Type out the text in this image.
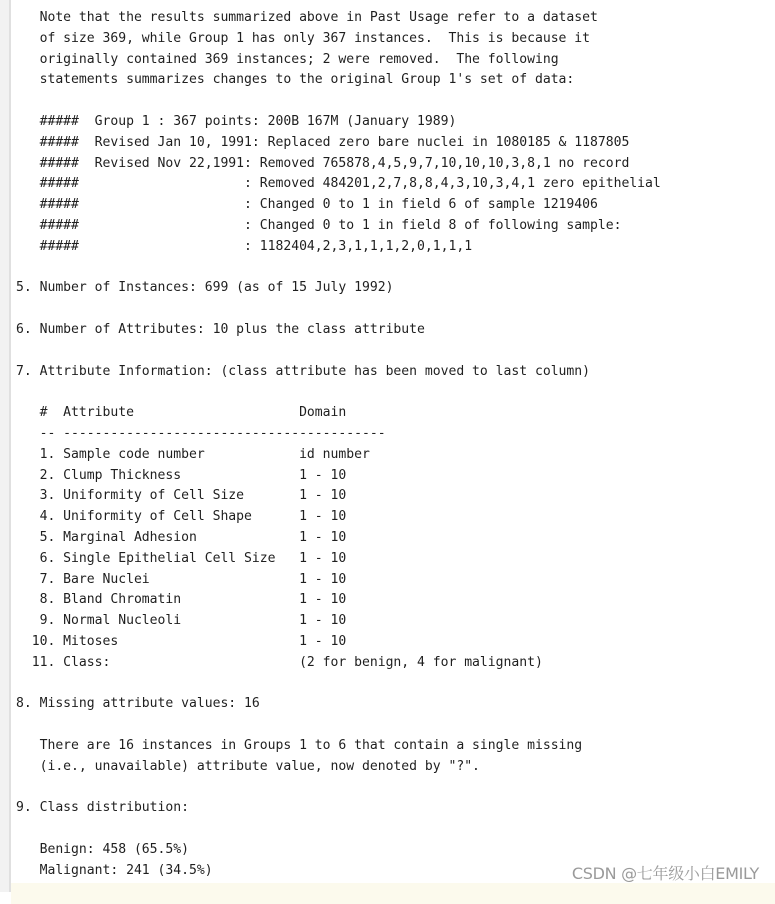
Note that the results summarized above in Past Usage refer to a dataset
of size 369, while Group 1 has only 367 instances.  This is because it
originally contained 369 instances; 2 were removed.  The following
statements summarizes changes to the original Group 1's set of data:
#####  Group 1 : 367 points: 200B 167M (January 1989)
#####  Revised Jan 10, 1991: Replaced zero bare nuclei in 1080185 & 1187805
#####  Revised Nov 22,1991: Removed 765878,4,5,9,7,10,10,10,3,8,1 no record
#####                     : Removed 484201,2,7,8,8,4,3,10,3,4,1 zero epithelial
#####                     : Changed 0 to 1 in field 6 of sample 1219406
#####                     : Changed 0 to 1 in field 8 of following sample:
#####                     : 1182404,2,3,1,1,1,2,0,1,1,1
5. Number of Instances: 699 (as of 15 July 1992)
6. Number of Attributes: 10 plus the class attribute
7. Attribute Information: (class attribute has been moved to last column)
#  Attribute                     Domain
-- -----------------------------------------
1. Sample code number            id number
2. Clump Thickness               1 - 10
3. Uniformity of Cell Size       1 - 10
4. Uniformity of Cell Shape      1 - 10
5. Marginal Adhesion             1 - 10
6. Single Epithelial Cell Size   1 - 10
7. Bare Nuclei                   1 - 10
8. Bland Chromatin               1 - 10
9. Normal Nucleoli               1 - 10
10. Mitoses                       1 - 10
11. Class:                        (2 for benign, 4 for malignant)
8. Missing attribute values: 16
There are 16 instances in Groups 1 to 6 that contain a single missing
(i.e., unavailable) attribute value, now denoted by "?".
9. Class distribution:
Benign: 458 (65.5%)
Malignant: 241 (34.5%)	CSDN @七年级小白EMILY
